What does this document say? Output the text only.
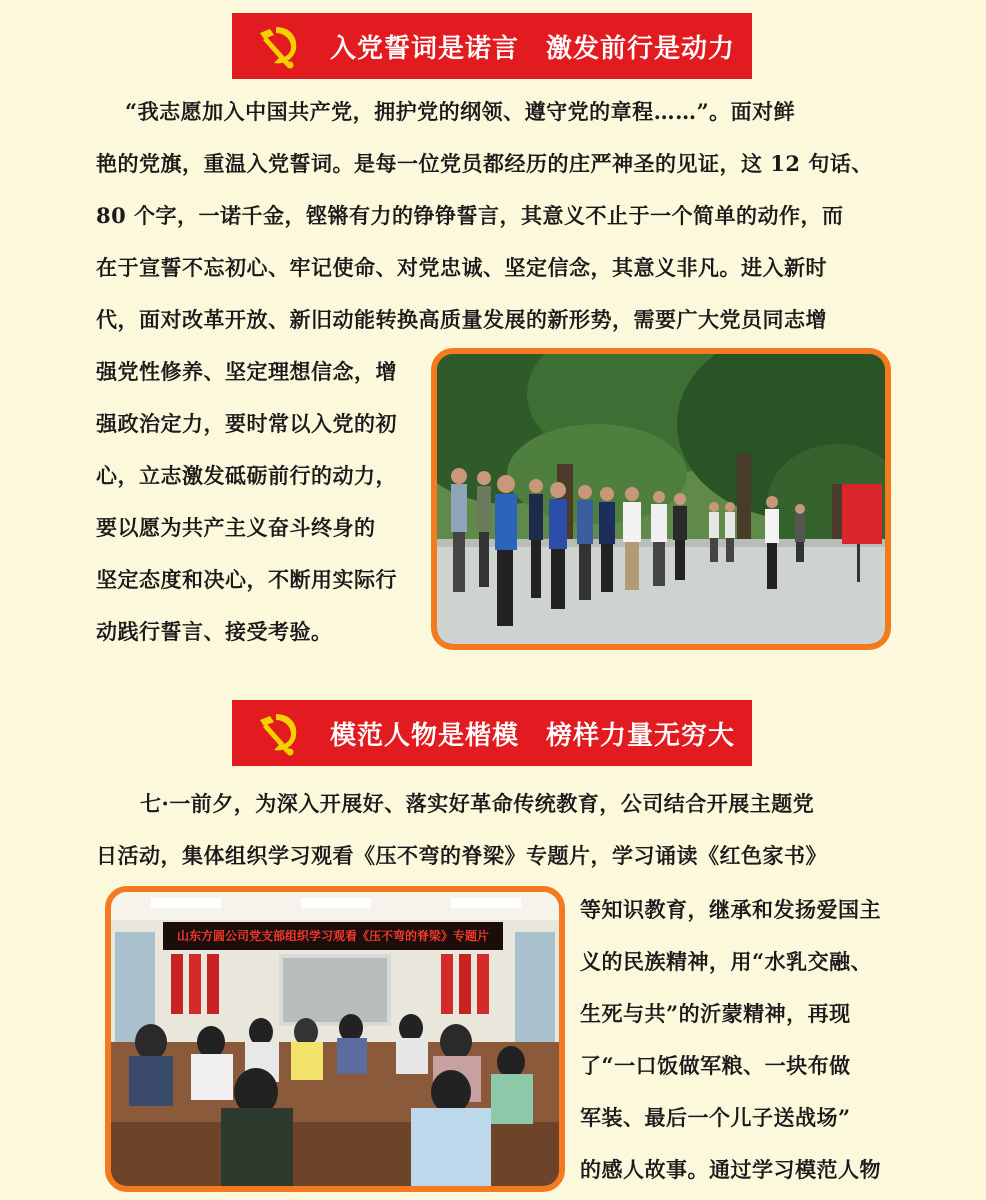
入党誓词是诺言　激发前行是动力
“我志愿加入中国共产党，拥护党的纲领、遵守党的章程……”。面对鲜
艳的党旗，重温入党誓词。是每一位党员都经历的庄严神圣的见证，这 12 句话、
80 个字，一诺千金，铿锵有力的铮铮誓言，其意义不止于一个简单的动作，而
在于宣誓不忘初心、牢记使命、对党忠诚、坚定信念，其意义非凡。进入新时
代，面对改革开放、新旧动能转换高质量发展的新形势，需要广大党员同志增
强党性修养、坚定理想信念，增
强政治定力，要时常以入党的初
心，立志激发砥砺前行的动力，
要以愿为共产主义奋斗终身的
坚定态度和决心，不断用实际行
动践行誓言、接受考验。
模范人物是楷模　榜样力量无穷大
七·一前夕，为深入开展好、落实好革命传统教育，公司结合开展主题党
日活动，集体组织学习观看《压不弯的脊梁》专题片，学习诵读《红色家书》
等知识教育，继承和发扬爱国主
义的民族精神，用“水乳交融、
生死与共”的沂蒙精神，再现
了“一口饭做军粮、一块布做
军装、最后一个儿子送战场”
的感人故事。通过学习模范人物
山东方圆公司党支部组织学习观看《压不弯的脊梁》专题片
